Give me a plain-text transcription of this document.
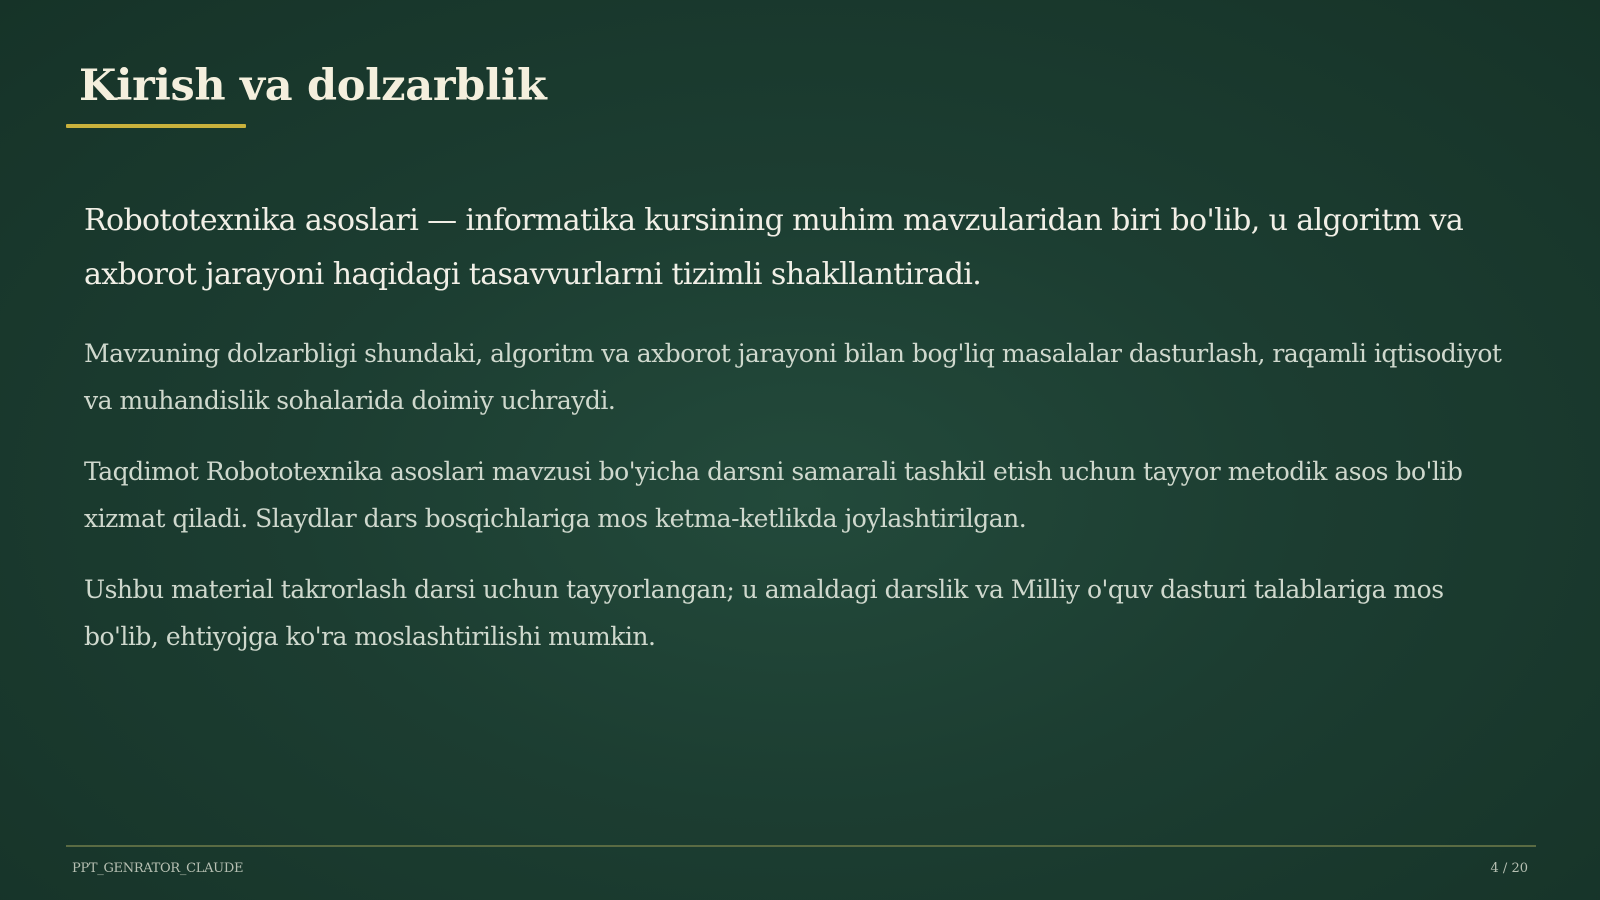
Kirish va dolzarblik

Robototexnika asoslari — informatika kursining muhim mavzularidan biri bo'lib, u algoritm va axborot jarayoni haqidagi tasavvurlarni tizimli shakllantiradi.

Mavzuning dolzarbligi shundaki, algoritm va axborot jarayoni bilan bog'liq masalalar dasturlash, raqamli iqtisodiyot va muhandislik sohalarida doimiy uchraydi.

Taqdimot Robototexnika asoslari mavzusi bo'yicha darsni samarali tashkil etish uchun tayyor metodik asos bo'lib xizmat qiladi. Slaydlar dars bosqichlariga mos ketma-ketlikda joylashtirilgan.

Ushbu material takrorlash darsi uchun tayyorlangan; u amaldagi darslik va Milliy o'quv dasturi talablariga mos bo'lib, ehtiyojga ko'ra moslashtirilishi mumkin.

PPT_GENRATOR_CLAUDE	4 / 20
